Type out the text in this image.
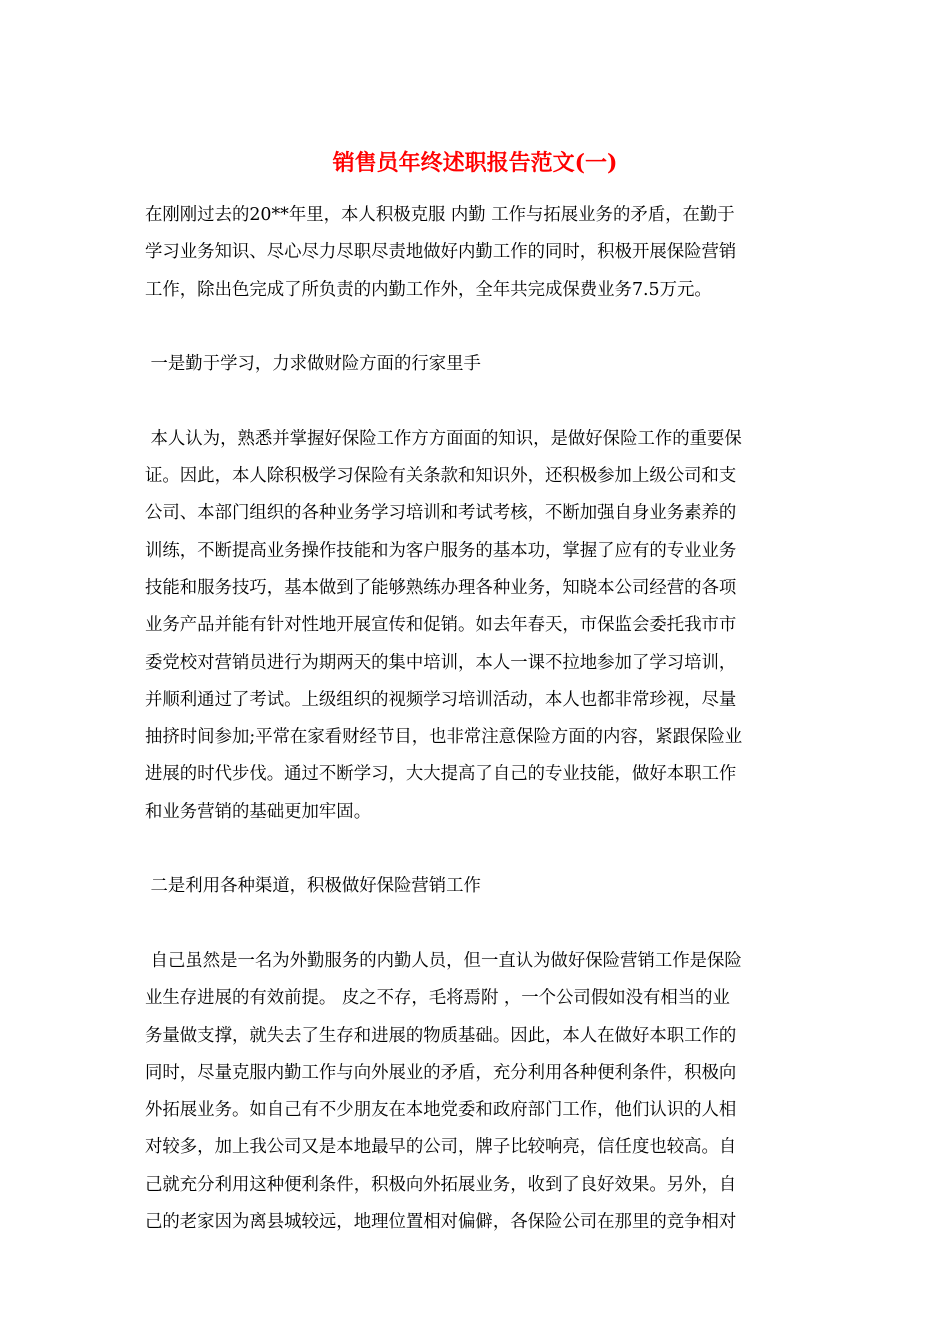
销售员年终述职报告范文(一)
在刚刚过去的20**年里，本人积极克服 内勤 工作与拓展业务的矛盾，在勤于
学习业务知识、尽心尽力尽职尽责地做好内勤工作的同时，积极开展保险营销
工作，除出色完成了所负责的内勤工作外，全年共完成保费业务7.5万元。
一是勤于学习，力求做财险方面的行家里手
本人认为，熟悉并掌握好保险工作方方面面的知识，是做好保险工作的重要保
证。因此，本人除积极学习保险有关条款和知识外，还积极参加上级公司和支
公司、本部门组织的各种业务学习培训和考试考核，不断加强自身业务素养的
训练，不断提高业务操作技能和为客户服务的基本功，掌握了应有的专业业务
技能和服务技巧，基本做到了能够熟练办理各种业务，知晓本公司经营的各项
业务产品并能有针对性地开展宣传和促销。如去年春天，市保监会委托我市市
委党校对营销员进行为期两天的集中培训，本人一课不拉地参加了学习培训，
并顺利通过了考试。上级组织的视频学习培训活动，本人也都非常珍视，尽量
抽挤时间参加;平常在家看财经节目，也非常注意保险方面的内容，紧跟保险业
进展的时代步伐。通过不断学习，大大提高了自己的专业技能，做好本职工作
和业务营销的基础更加牢固。
二是利用各种渠道，积极做好保险营销工作
自己虽然是一名为外勤服务的内勤人员，但一直认为做好保险营销工作是保险
业生存进展的有效前提。 皮之不存，毛将焉附 ，一个公司假如没有相当的业
务量做支撑，就失去了生存和进展的物质基础。因此，本人在做好本职工作的
同时，尽量克服内勤工作与向外展业的矛盾，充分利用各种便利条件，积极向
外拓展业务。如自己有不少朋友在本地党委和政府部门工作，他们认识的人相
对较多，加上我公司又是本地最早的公司，牌子比较响亮，信任度也较高。自
己就充分利用这种便利条件，积极向外拓展业务，收到了良好效果。另外，自
己的老家因为离县城较远，地理位置相对偏僻，各保险公司在那里的竞争相对
